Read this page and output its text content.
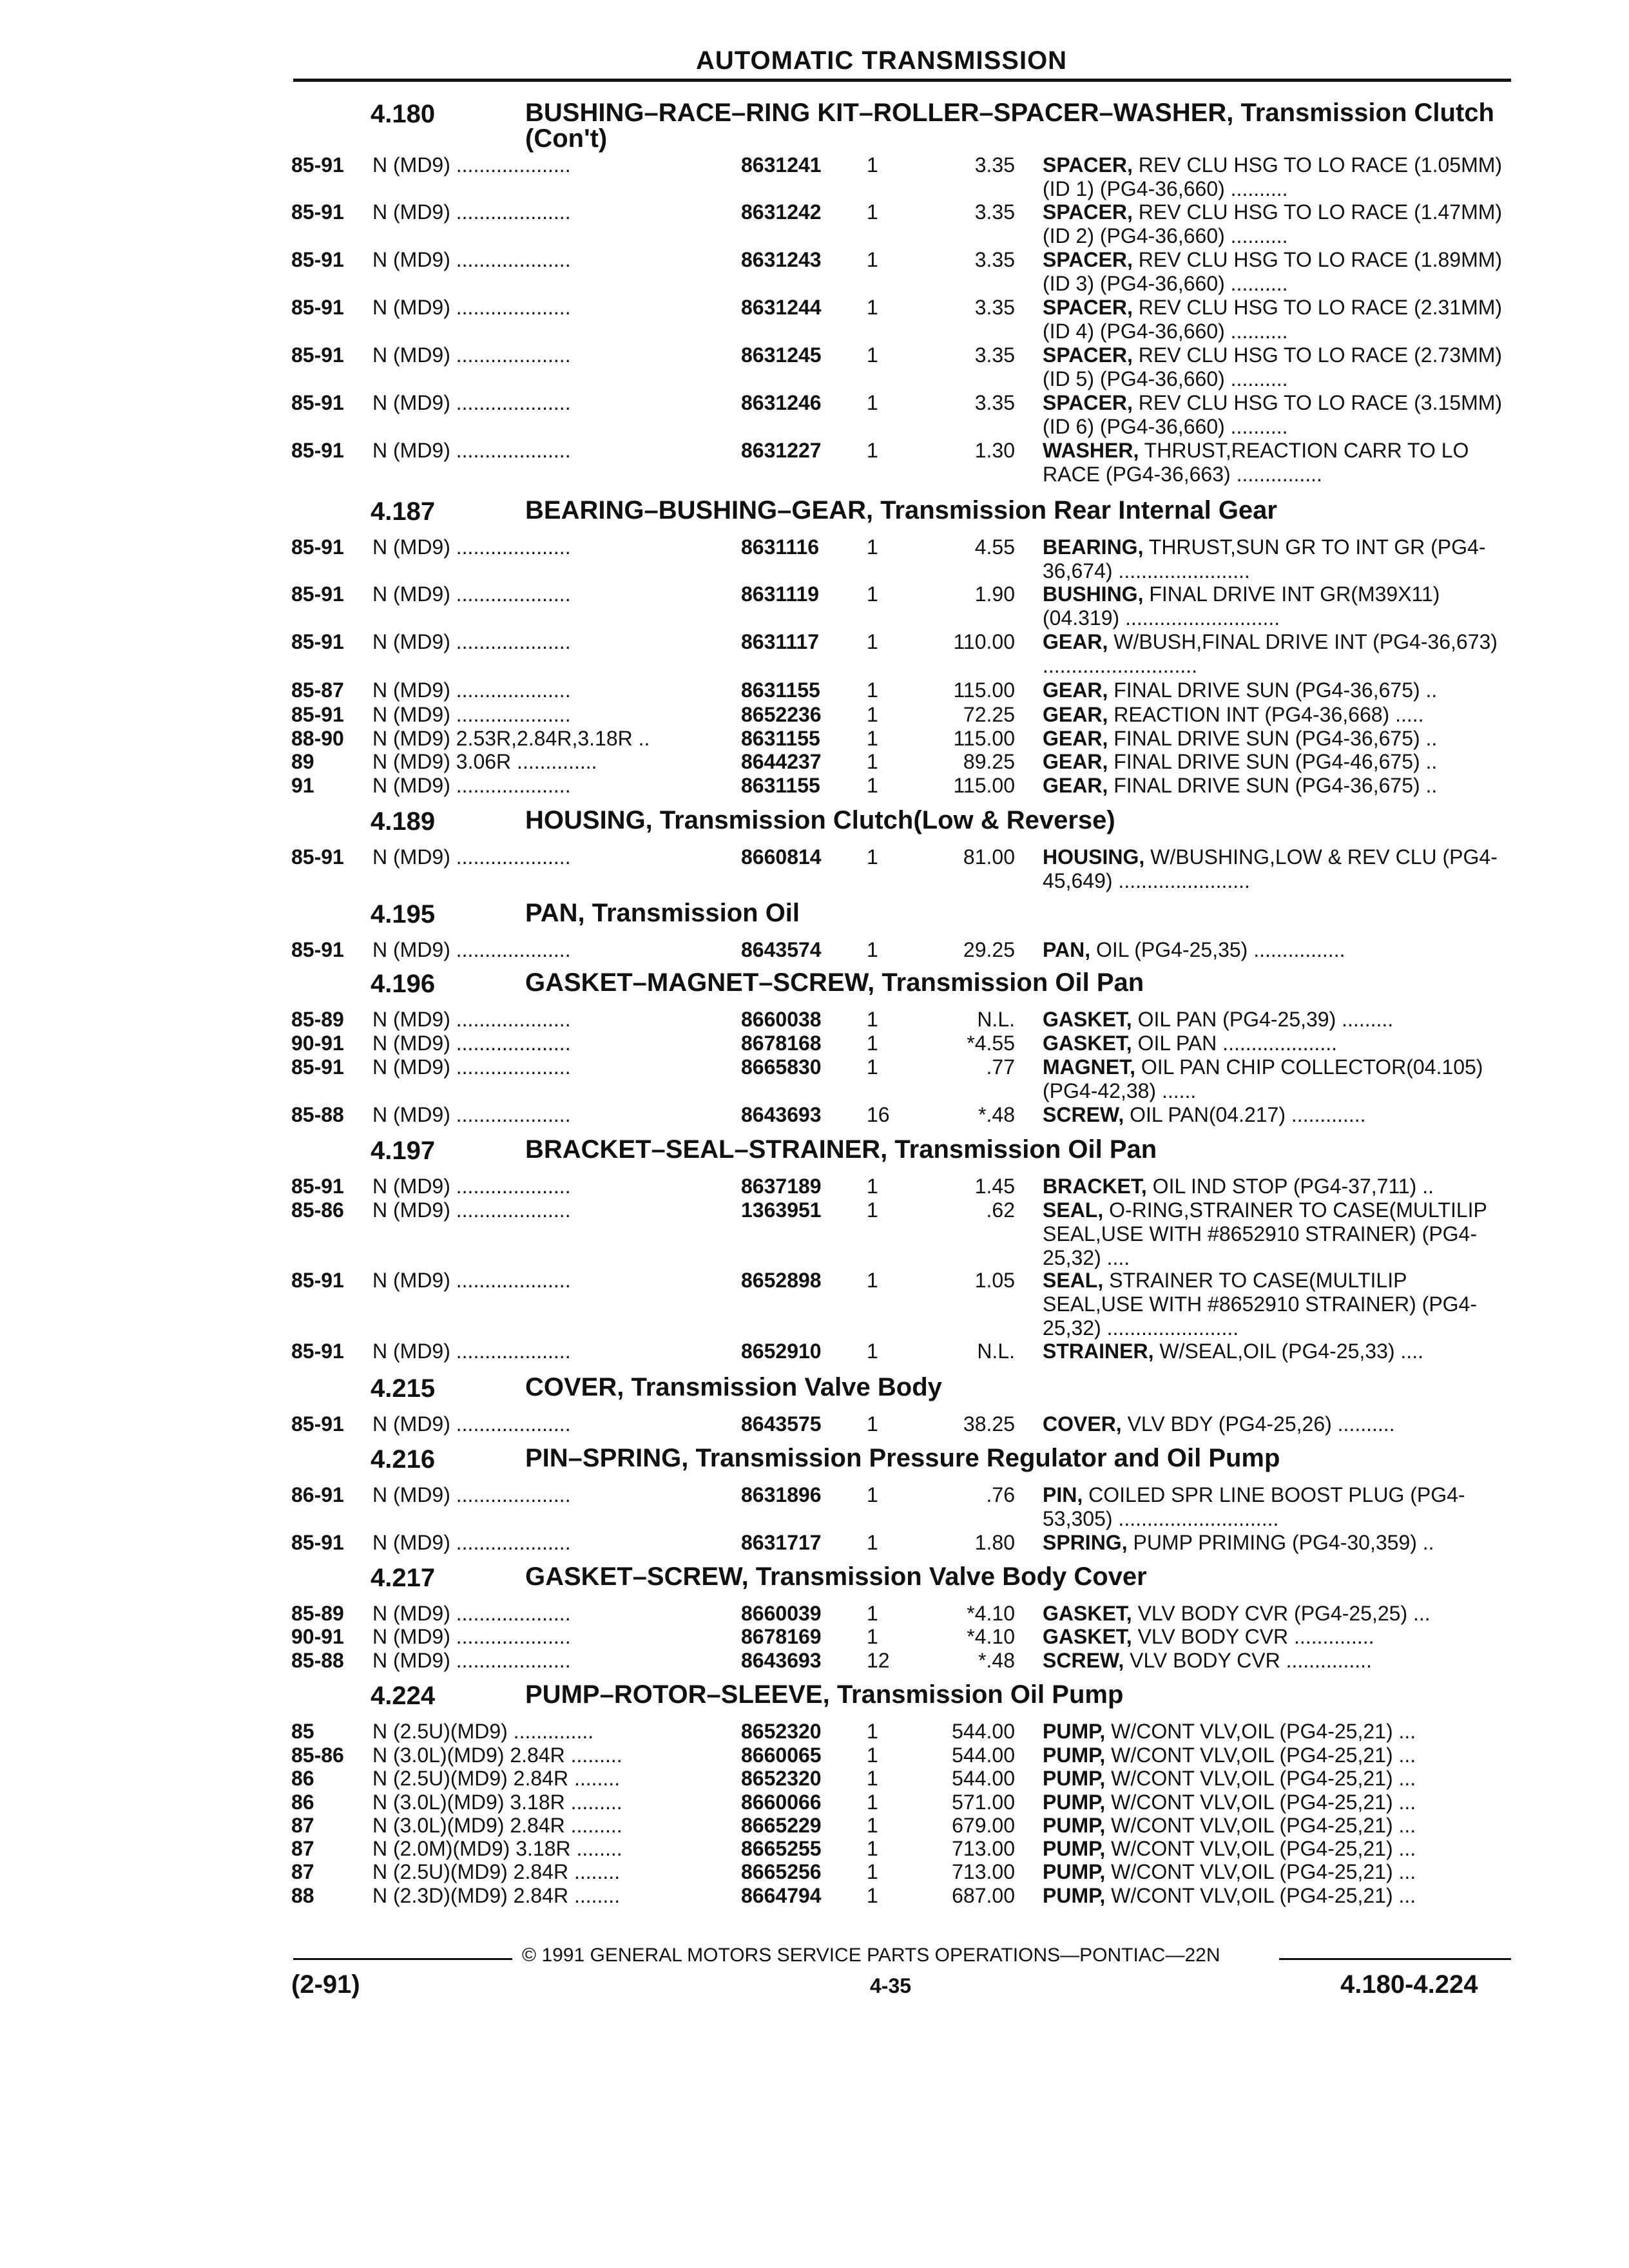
AUTOMATIC TRANSMISSION
4.180	BUSHING–RACE–RING KIT–ROLLER–SPACER–WASHER, Transmission Clutch (Con't)
85-91 N (MD9) ....................	8631241 1	3.35 SPACER, REV CLU HSG TO LO RACE (1.05MM)(ID 1) (PG4-36,660) ..........
85-91 N (MD9) ....................	8631242 1	3.35 SPACER, REV CLU HSG TO LO RACE (1.47MM)(ID 2) (PG4-36,660) ..........
85-91 N (MD9) ....................	8631243 1	3.35 SPACER, REV CLU HSG TO LO RACE (1.89MM)(ID 3) (PG4-36,660) ..........
85-91 N (MD9) ....................	8631244 1	3.35 SPACER, REV CLU HSG TO LO RACE (2.31MM)(ID 4) (PG4-36,660) ..........
85-91 N (MD9) ....................	8631245 1	3.35 SPACER, REV CLU HSG TO LO RACE (2.73MM)(ID 5) (PG4-36,660) ..........
85-91 N (MD9) ....................	8631246 1	3.35 SPACER, REV CLU HSG TO LO RACE (3.15MM)(ID 6) (PG4-36,660) ..........
85-91 N (MD9) ....................	8631227 1	1.30 WASHER, THRUST,REACTION CARR TO LO RACE (PG4-36,663) ...............
4.187	BEARING–BUSHING–GEAR, Transmission Rear Internal Gear
85-91 N (MD9) ....................	8631116 1	4.55 BEARING, THRUST,SUN GR TO INT GR (PG4-36,674) .......................
85-91 N (MD9) ....................	8631119 1	1.90 BUSHING, FINAL DRIVE INT GR(M39X11) (04.319) ...........................
85-91 N (MD9) ....................	8631117 1	110.00 GEAR, W/BUSH,FINAL DRIVE INT (PG4-36,673) ...........................
85-87 N (MD9) ....................	8631155 1	115.00 GEAR, FINAL DRIVE SUN (PG4-36,675) ..
85-91 N (MD9) ....................	8652236 1	72.25 GEAR, REACTION INT (PG4-36,668) .....
88-90 N (MD9) 2.53R,2.84R,3.18R ..	8631155 1	115.00 GEAR, FINAL DRIVE SUN (PG4-36,675) ..
89	N (MD9) 3.06R ..............	8644237 1	89.25 GEAR, FINAL DRIVE SUN (PG4-46,675) ..
91	N (MD9) ....................	8631155 1	115.00 GEAR, FINAL DRIVE SUN (PG4-36,675) ..
4.189	HOUSING, Transmission Clutch(Low & Reverse)
85-91 N (MD9) ....................	8660814 1	81.00 HOUSING, W/BUSHING,LOW & REV CLU (PG4-45,649) .......................
4.195	PAN, Transmission Oil
85-91 N (MD9) ....................	8643574 1	29.25 PAN, OIL (PG4-25,35) ................
4.196	GASKET–MAGNET–SCREW, Transmission Oil Pan
85-89 N (MD9) ....................	8660038 1	N.L. GASKET, OIL PAN (PG4-25,39) .........
90-91 N (MD9) ....................	8678168 1	*4.55 GASKET, OIL PAN ....................
85-91 N (MD9) ....................	8665830 1	.77 MAGNET, OIL PAN CHIP COLLECTOR(04.105) (PG4-42,38) ......
85-88 N (MD9) ....................	8643693 16	*.48 SCREW, OIL PAN(04.217) .............
4.197	BRACKET–SEAL–STRAINER, Transmission Oil Pan
85-91 N (MD9) ....................	8637189 1	1.45 BRACKET, OIL IND STOP (PG4-37,711) ..
85-86 N (MD9) ....................	1363951 1	.62 SEAL, O-RING,STRAINER TO CASE(MULTILIP SEAL,USE WITH #8652910 STRAINER) (PG4-25,32) ....
85-91 N (MD9) ....................	8652898 1	1.05 SEAL, STRAINER TO CASE(MULTILIP SEAL,USE WITH #8652910 STRAINER) (PG4-25,32) .......................
85-91 N (MD9) ....................	8652910 1	N.L. STRAINER, W/SEAL,OIL (PG4-25,33) ....
4.215	COVER, Transmission Valve Body
85-91 N (MD9) ....................	8643575 1	38.25 COVER, VLV BDY (PG4-25,26) ..........
4.216	PIN–SPRING, Transmission Pressure Regulator and Oil Pump
86-91 N (MD9) ....................	8631896 1	.76 PIN, COILED SPR LINE BOOST PLUG (PG4-53,305) ............................
85-91 N (MD9) ....................	8631717 1	1.80 SPRING, PUMP PRIMING (PG4-30,359) ..
4.217	GASKET–SCREW, Transmission Valve Body Cover
85-89 N (MD9) ....................	8660039 1	*4.10 GASKET, VLV BODY CVR (PG4-25,25) ...
90-91 N (MD9) ....................	8678169 1	*4.10 GASKET, VLV BODY CVR ..............
85-88 N (MD9) ....................	8643693 12	*.48 SCREW, VLV BODY CVR ...............
4.224	PUMP–ROTOR–SLEEVE, Transmission Oil Pump
85	N (2.5U)(MD9) ..............	8652320 1	544.00 PUMP, W/CONT VLV,OIL (PG4-25,21) ...
85-86 N (3.0L)(MD9) 2.84R .........	8660065 1	544.00 PUMP, W/CONT VLV,OIL (PG4-25,21) ...
86	N (2.5U)(MD9) 2.84R ........	8652320 1	544.00 PUMP, W/CONT VLV,OIL (PG4-25,21) ...
86	N (3.0L)(MD9) 3.18R .........	8660066 1	571.00 PUMP, W/CONT VLV,OIL (PG4-25,21) ...
87	N (3.0L)(MD9) 2.84R .........	8665229 1	679.00 PUMP, W/CONT VLV,OIL (PG4-25,21) ...
87	N (2.0M)(MD9) 3.18R ........	8665255 1	713.00 PUMP, W/CONT VLV,OIL (PG4-25,21) ...
87	N (2.5U)(MD9) 2.84R ........	8665256 1	713.00 PUMP, W/CONT VLV,OIL (PG4-25,21) ...
88	N (2.3D)(MD9) 2.84R ........	8664794 1	687.00 PUMP, W/CONT VLV,OIL (PG4-25,21) ...
© 1991 GENERAL MOTORS SERVICE PARTS OPERATIONS—PONTIAC—22N
(2-91)	4-35	4.180-4.224
